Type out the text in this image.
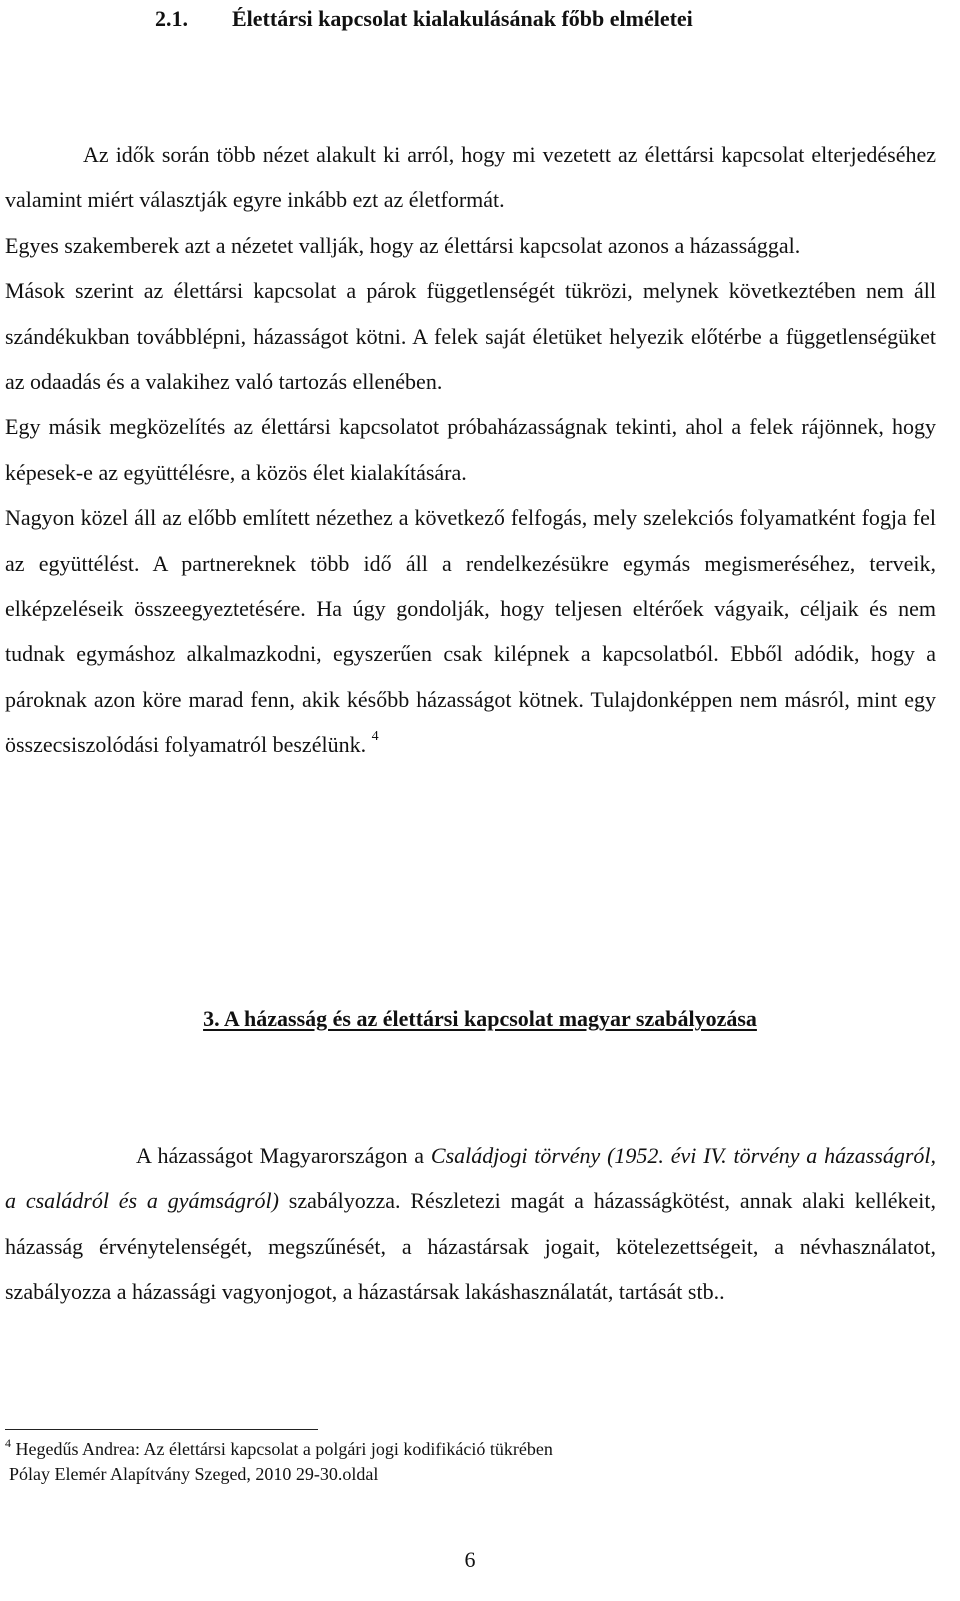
2.1. Élettársi kapcsolat kialakulásának főbb elméletei

Az idők során több nézet alakult ki arról, hogy mi vezetett az élettársi kapcsolat elterjedéséhez valamint miért választják egyre inkább ezt az életformát.

Egyes szakemberek azt a nézetet vallják, hogy az élettársi kapcsolat azonos a házassággal.

Mások szerint az élettársi kapcsolat a párok függetlenségét tükrözi, melynek következtében nem áll szándékukban továbblépni, házasságot kötni. A felek saját életüket helyezik előtérbe a függetlenségüket az odaadás és a valakihez való tartozás ellenében.

Egy másik megközelítés az élettársi kapcsolatot próbaházasságnak tekinti, ahol a felek rájönnek, hogy képesek-e az együttélésre, a közös élet kialakítására.

Nagyon közel áll az előbb említett nézethez a következő felfogás, mely szelekciós folyamatként fogja fel az együttélést. A partnereknek több idő áll a rendelkezésükre egymás megismeréséhez, terveik, elképzeléseik összeegyeztetésére. Ha úgy gondolják, hogy teljesen eltérőek vágyaik, céljaik és nem tudnak egymáshoz alkalmazkodni, egyszerűen csak kilépnek a kapcsolatból. Ebből adódik, hogy a pároknak azon köre marad fenn, akik később házasságot kötnek. Tulajdonképpen nem másról, mint egy összecsiszolódási folyamatról beszélünk. $^4$

3. A házasság és az élettársi kapcsolat magyar szabályozása

A házasságot Magyarországon a Családjogi törvény (1952. évi IV. törvény a házasságról, a családról és a gyámságról) szabályozza. Részletezi magát a házasságkötést, annak alaki kellékeit, házasság érvénytelenségét, megszűnését, a házastársak jogait, kötelezettségeit, a névhasználatot, szabályozza a házassági vagyonjogot, a házastársak lakáshasználatát, tartását stb..

$^4$ Hegedűs Andrea: Az élettársi kapcsolat a polgári jogi kodifikáció tükrében
Pólay Elemér Alapítvány Szeged, 2010 29-30.oldal
6
